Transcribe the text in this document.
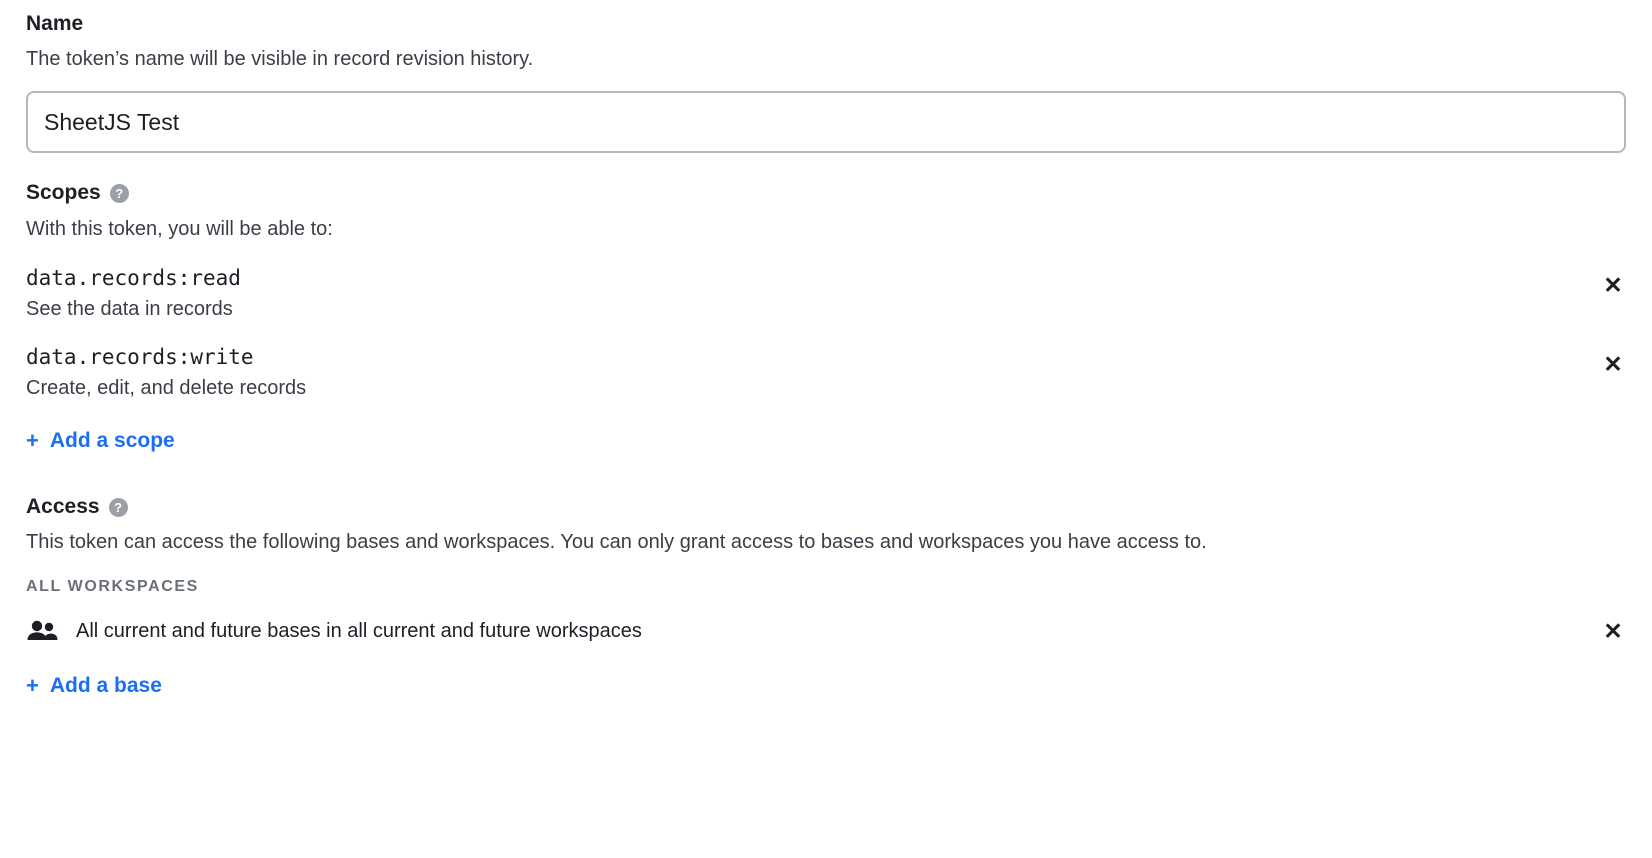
Name

The token’s name will be visible in record revision history.

SheetJS Test
Scopes	?

With this token, you will be able to:

data.records:read
See the data in records
✕
data.records:write
Create, edit, and delete records
✕
+ Add a scope
Access	?

This token can access the following bases and workspaces. You can only grant access to bases and workspaces you have access to.

ALL WORKSPACES
All current and future bases in all current and future workspaces	✕
+ Add a base
